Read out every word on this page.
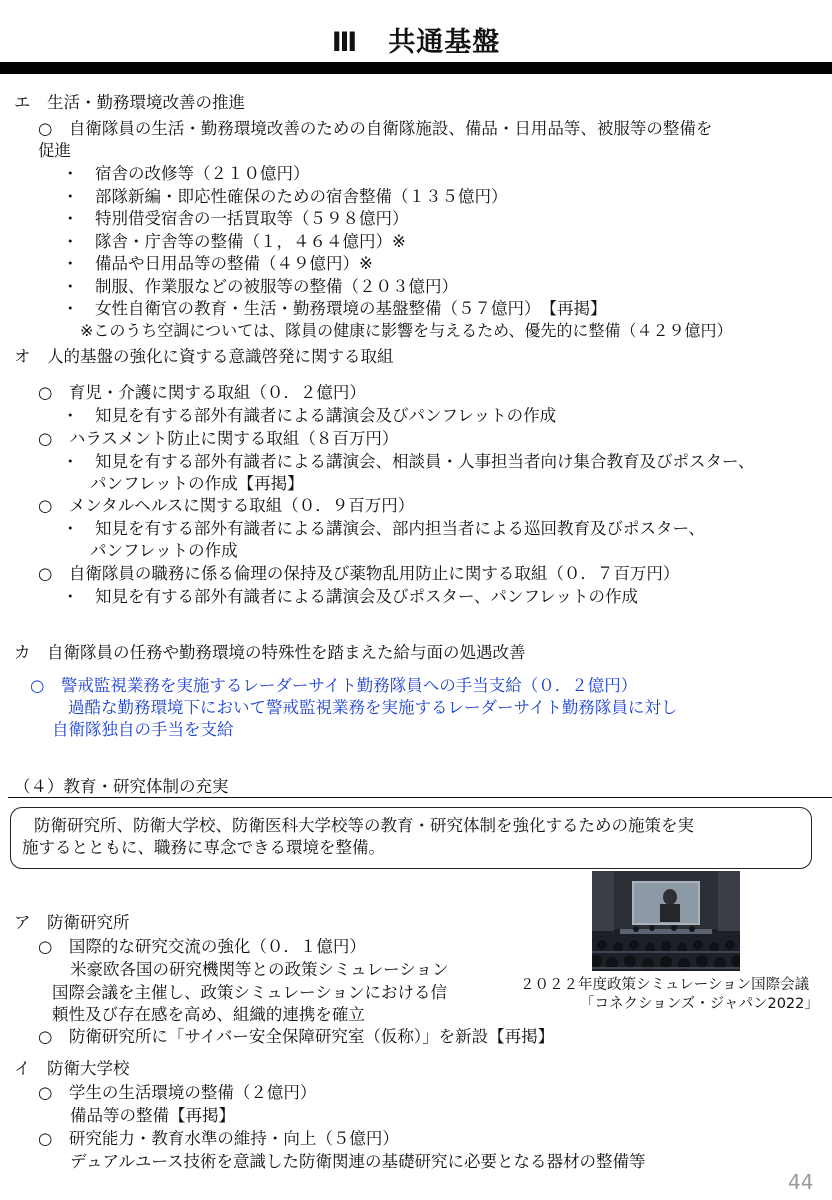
Ⅲ 共通基盤
エ　生活・勤務環境改善の推進
○　自衛隊員の生活・勤務環境改善のための自衛隊施設、備品・日用品等、被服等の整備を
促進
・　宿舎の改修等（２１０億円）
・　部隊新編・即応性確保のための宿舎整備（１３５億円）
・　特別借受宿舎の一括買取等（５９８億円）
・　隊舎・庁舎等の整備（１，４６４億円）※
・　備品や日用品等の整備（４９億円）※
・　制服、作業服などの被服等の整備（２０３億円）
・　女性自衛官の教育・生活・勤務環境の基盤整備（５７億円）　【再掲】
※このうち空調については、隊員の健康に影響を与えるため、優先的に整備（４２９億円）
オ　人的基盤の強化に資する意識啓発に関する取組
○　育児・介護に関する取組（０．２億円）
・　知見を有する部外有識者による講演会及びパンフレットの作成
○　ハラスメント防止に関する取組（８百万円）
・　知見を有する部外有識者による講演会、相談員・人事担当者向け集合教育及びポスター、
パンフレットの作成【再掲】
○　メンタルヘルスに関する取組（０．９百万円）
・　知見を有する部外有識者による講演会、部内担当者による巡回教育及びポスター、
パンフレットの作成
○　自衛隊員の職務に係る倫理の保持及び薬物乱用防止に関する取組（０．７百万円）
・　知見を有する部外有識者による講演会及びポスター、パンフレットの作成
カ　自衛隊員の任務や勤務環境の特殊性を踏まえた給与面の処遇改善
○　警戒監視業務を実施するレーダーサイト勤務隊員への手当支給（０．２億円）
過酷な勤務環境下において警戒監視業務を実施するレーダーサイト勤務隊員に対し
自衛隊独自の手当を支給
（４）教育・研究体制の充実
防衛研究所、防衛大学校、防衛医科大学校等の教育・研究体制を強化するための施策を実
施するとともに、職務に専念できる環境を整備。
２０２２年度政策シミュレーション国際会議
「コネクションズ・ジャパン2022」
ア　防衛研究所
○　国際的な研究交流の強化（０．１億円）
米豪欧各国の研究機関等との政策シミュレーション
国際会議を主催し、政策シミュレーションにおける信
頼性及び存在感を高め、組織的連携を確立
○　防衛研究所に「サイバー安全保障研究室（仮称）」を新設【再掲】
イ　防衛大学校
○　学生の生活環境の整備（２億円）
備品等の整備【再掲】
○　研究能力・教育水準の維持・向上（５億円）
デュアルユース技術を意識した防衛関連の基礎研究に必要となる器材の整備等
44
